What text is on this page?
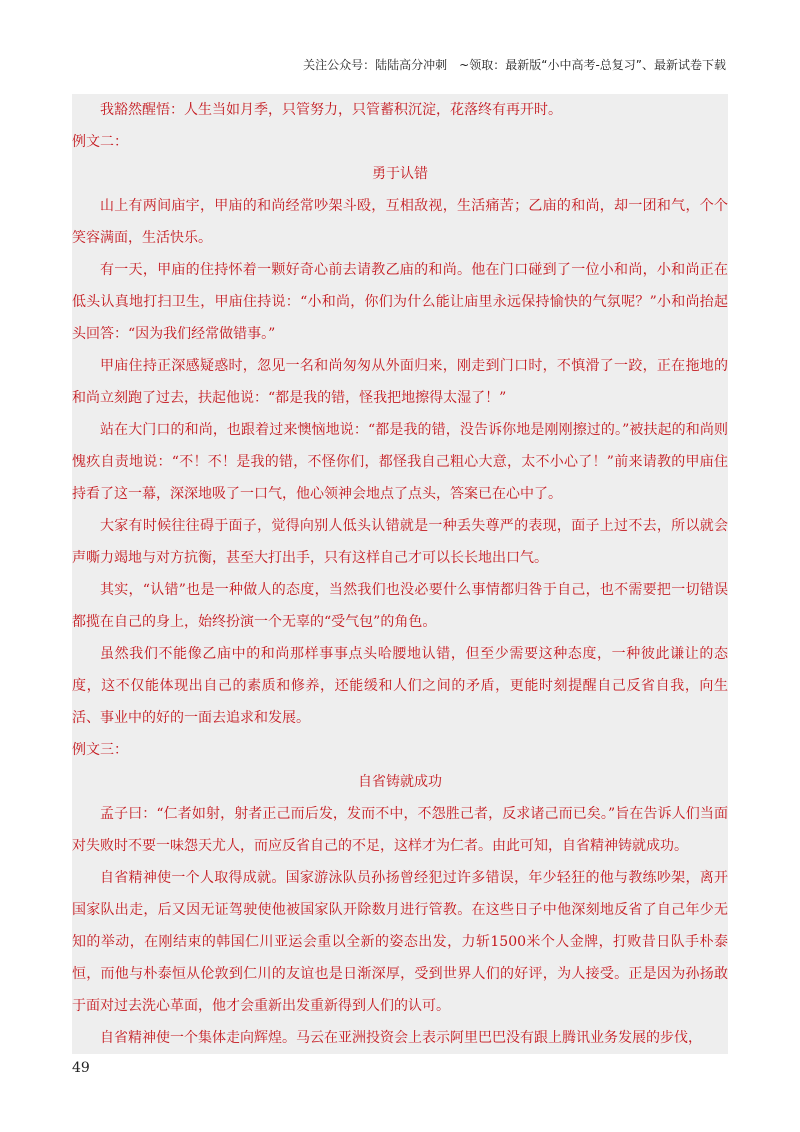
关注公众号：陆陆高分冲刺　~领取：最新版“小中高考-总复习”、最新试卷下载

我豁然醒悟：人生当如月季，只管努力，只管蓄积沉淀，花落终有再开时。

例文二：

勇于认错

山上有两间庙宇，甲庙的和尚经常吵架斗殴，互相敌视，生活痛苦；乙庙的和尚，却一团和气，个个笑容满面，生活快乐。

有一天，甲庙的住持怀着一颗好奇心前去请教乙庙的和尚。他在门口碰到了一位小和尚，小和尚正在低头认真地打扫卫生，甲庙住持说：“小和尚，你们为什么能让庙里永远保持愉快的气氛呢？”小和尚抬起头回答：“因为我们经常做错事。”

甲庙住持正深感疑惑时，忽见一名和尚匆匆从外面归来，刚走到门口时，不慎滑了一跤，正在拖地的和尚立刻跑了过去，扶起他说：“都是我的错，怪我把地擦得太湿了！”

站在大门口的和尚，也跟着过来懊恼地说：“都是我的错，没告诉你地是刚刚擦过的。”被扶起的和尚则愧疚自责地说：“不！不！是我的错，不怪你们，都怪我自己粗心大意，太不小心了！”前来请教的甲庙住持看了这一幕，深深地吸了一口气，他心领神会地点了点头，答案已在心中了。

大家有时候往往碍于面子，觉得向别人低头认错就是一种丢失尊严的表现，面子上过不去，所以就会声嘶力竭地与对方抗衡，甚至大打出手，只有这样自己才可以长长地出口气。

其实，“认错”也是一种做人的态度，当然我们也没必要什么事情都归咎于自己，也不需要把一切错误都揽在自己的身上，始终扮演一个无辜的“受气包”的角色。

虽然我们不能像乙庙中的和尚那样事事点头哈腰地认错，但至少需要这种态度，一种彼此谦让的态度，这不仅能体现出自己的素质和修养，还能缓和人们之间的矛盾，更能时刻提醒自己反省自我，向生活、事业中的好的一面去追求和发展。

例文三：

自省铸就成功

孟子曰：“仁者如射，射者正己而后发，发而不中，不怨胜己者，反求诸己而已矣。”旨在告诉人们当面对失败时不要一味怨天尤人，而应反省自己的不足，这样才为仁者。由此可知，自省精神铸就成功。

自省精神使一个人取得成就。国家游泳队员孙扬曾经犯过许多错误，年少轻狂的他与教练吵架，离开国家队出走，后又因无证驾驶使他被国家队开除数月进行管教。在这些日子中他深刻地反省了自己年少无知的举动，在刚结束的韩国仁川亚运会重以全新的姿态出发，力斩1500米个人金牌，打败昔日队手朴泰恒，而他与朴泰恒从伦敦到仁川的友谊也是日渐深厚，受到世界人们的好评，为人接受。正是因为孙扬敢于面对过去洗心革面，他才会重新出发重新得到人们的认可。

自省精神使一个集体走向辉煌。马云在亚洲投资会上表示阿里巴巴没有跟上腾讯业务发展的步伐，

49
